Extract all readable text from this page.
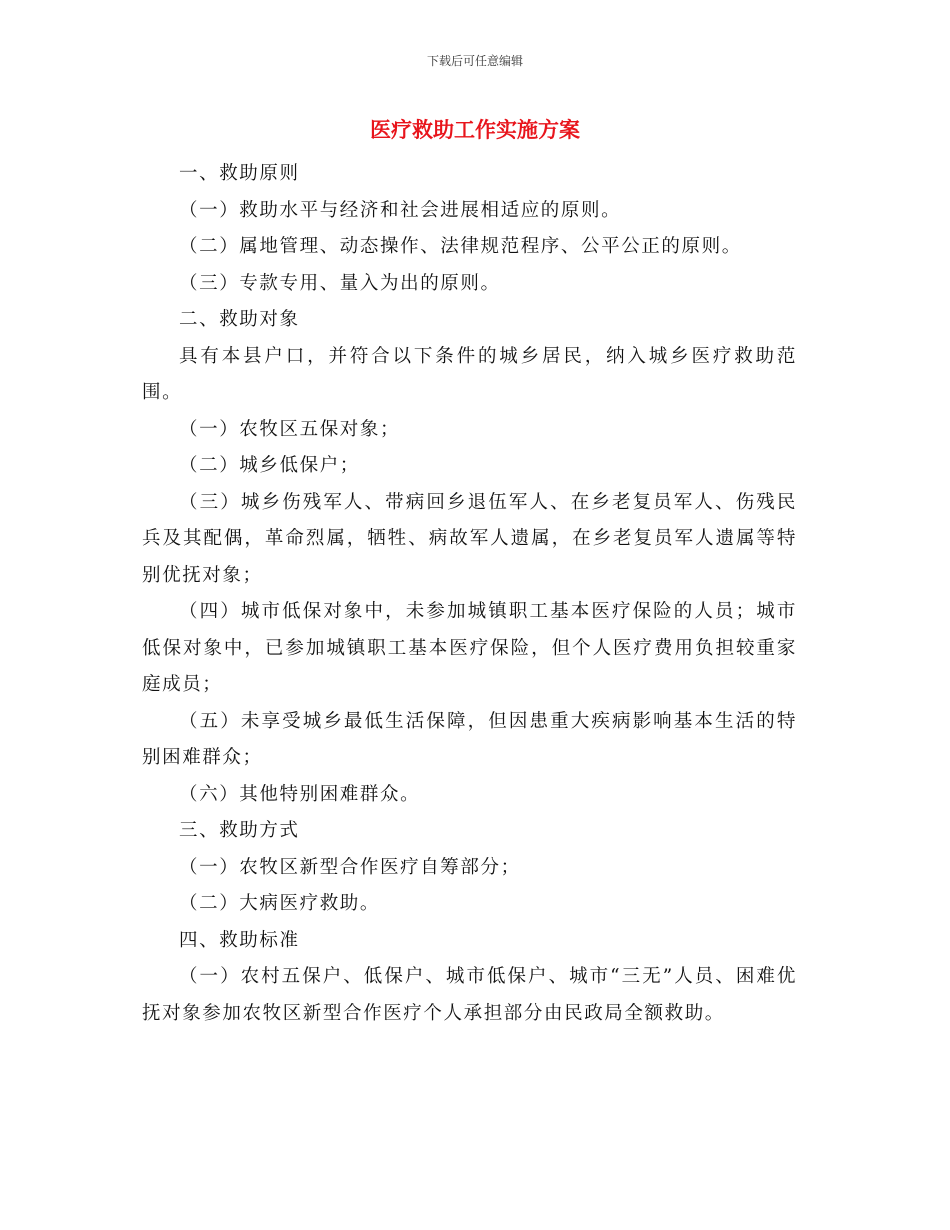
下载后可任意编辑
医疗救助工作实施方案

一、救助原则

（一）救助水平与经济和社会进展相适应的原则。

（二）属地管理、动态操作、法律规范程序、公平公正的原则。

（三）专款专用、量入为出的原则。

二、救助对象

具有本县户口，并符合以下条件的城乡居民，纳入城乡医疗救助范围。

（一）农牧区五保对象；

（二）城乡低保户；

（三）城乡伤残军人、带病回乡退伍军人、在乡老复员军人、伤残民兵及其配偶，革命烈属，牺牲、病故军人遗属，在乡老复员军人遗属等特别优抚对象；

（四）城市低保对象中，未参加城镇职工基本医疗保险的人员；城市低保对象中，已参加城镇职工基本医疗保险，但个人医疗费用负担较重家庭成员；

（五）未享受城乡最低生活保障，但因患重大疾病影响基本生活的特别困难群众；

（六）其他特别困难群众。

三、救助方式

（一）农牧区新型合作医疗自筹部分；

（二）大病医疗救助。

四、救助标准

（一）农村五保户、低保户、城市低保户、城市“三无”人员、困难优抚对象参加农牧区新型合作医疗个人承担部分由民政局全额救助。
